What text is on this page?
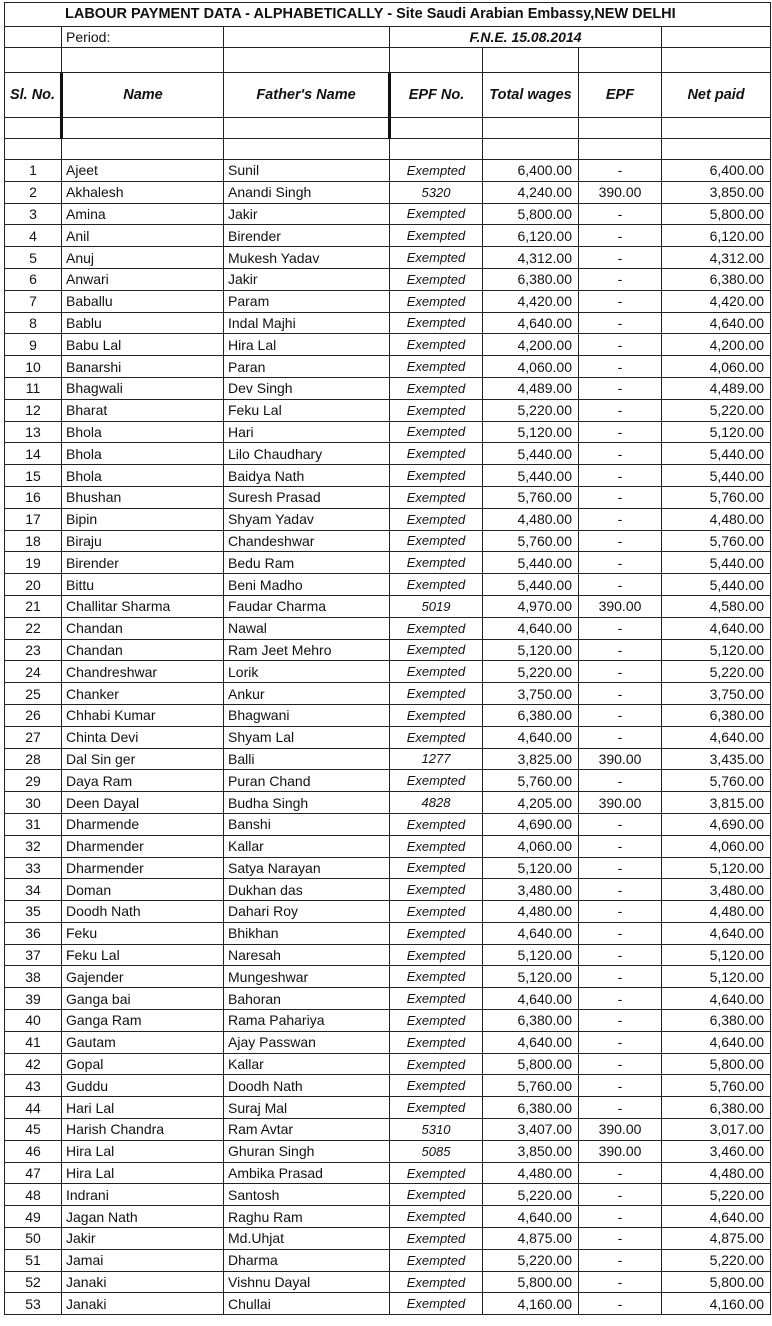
LABOUR PAYMENT DATA - ALPHABETICALLY - Site Saudi Arabian Embassy,NEW DELHI						
	Period:		F.N.E. 15.08.2014			

Sl. No.	Name	Father's Name	EPF No.	Total wages	EPF	Net paid

1	Ajeet	Sunil	Exempted	6,400.00	-	6,400.00
2	Akhalesh	Anandi Singh	5320	4,240.00	390.00	3,850.00
3	Amina	Jakir	Exempted	5,800.00	-	5,800.00
4	Anil	Birender	Exempted	6,120.00	-	6,120.00
5	Anuj	Mukesh Yadav	Exempted	4,312.00	-	4,312.00
6	Anwari	Jakir	Exempted	6,380.00	-	6,380.00
7	Baballu	Param	Exempted	4,420.00	-	4,420.00
8	Bablu	Indal Majhi	Exempted	4,640.00	-	4,640.00
9	Babu Lal	Hira Lal	Exempted	4,200.00	-	4,200.00
10	Banarshi	Paran	Exempted	4,060.00	-	4,060.00
11	Bhagwali	Dev Singh	Exempted	4,489.00	-	4,489.00
12	Bharat	Feku Lal	Exempted	5,220.00	-	5,220.00
13	Bhola	Hari	Exempted	5,120.00	-	5,120.00
14	Bhola	Lilo Chaudhary	Exempted	5,440.00	-	5,440.00
15	Bhola	Baidya Nath	Exempted	5,440.00	-	5,440.00
16	Bhushan	Suresh Prasad	Exempted	5,760.00	-	5,760.00
17	Bipin	Shyam Yadav	Exempted	4,480.00	-	4,480.00
18	Biraju	Chandeshwar	Exempted	5,760.00	-	5,760.00
19	Birender	Bedu Ram	Exempted	5,440.00	-	5,440.00
20	Bittu	Beni Madho	Exempted	5,440.00	-	5,440.00
21	Challitar Sharma	Faudar Charma	5019	4,970.00	390.00	4,580.00
22	Chandan	Nawal	Exempted	4,640.00	-	4,640.00
23	Chandan	Ram Jeet Mehro	Exempted	5,120.00	-	5,120.00
24	Chandreshwar	Lorik	Exempted	5,220.00	-	5,220.00
25	Chanker	Ankur	Exempted	3,750.00	-	3,750.00
26	Chhabi Kumar	Bhagwani	Exempted	6,380.00	-	6,380.00
27	Chinta Devi	Shyam Lal	Exempted	4,640.00	-	4,640.00
28	Dal Sin ger	Balli	1277	3,825.00	390.00	3,435.00
29	Daya Ram	Puran Chand	Exempted	5,760.00	-	5,760.00
30	Deen Dayal	Budha Singh	4828	4,205.00	390.00	3,815.00
31	Dharmende	Banshi	Exempted	4,690.00	-	4,690.00
32	Dharmender	Kallar	Exempted	4,060.00	-	4,060.00
33	Dharmender	Satya Narayan	Exempted	5,120.00	-	5,120.00
34	Doman	Dukhan das	Exempted	3,480.00	-	3,480.00
35	Doodh Nath	Dahari Roy	Exempted	4,480.00	-	4,480.00
36	Feku	Bhikhan	Exempted	4,640.00	-	4,640.00
37	Feku Lal	Naresah	Exempted	5,120.00	-	5,120.00
38	Gajender	Mungeshwar	Exempted	5,120.00	-	5,120.00
39	Ganga bai	Bahoran	Exempted	4,640.00	-	4,640.00
40	Ganga Ram	Rama Pahariya	Exempted	6,380.00	-	6,380.00
41	Gautam	Ajay Passwan	Exempted	4,640.00	-	4,640.00
42	Gopal	Kallar	Exempted	5,800.00	-	5,800.00
43	Guddu	Doodh Nath	Exempted	5,760.00	-	5,760.00
44	Hari Lal	Suraj Mal	Exempted	6,380.00	-	6,380.00
45	Harish Chandra	Ram Avtar	5310	3,407.00	390.00	3,017.00
46	Hira Lal	Ghuran Singh	5085	3,850.00	390.00	3,460.00
47	Hira Lal	Ambika Prasad	Exempted	4,480.00	-	4,480.00
48	Indrani	Santosh	Exempted	5,220.00	-	5,220.00
49	Jagan Nath	Raghu Ram	Exempted	4,640.00	-	4,640.00
50	Jakir	Md.Uhjat	Exempted	4,875.00	-	4,875.00
51	Jamai	Dharma	Exempted	5,220.00	-	5,220.00
52	Janaki	Vishnu Dayal	Exempted	5,800.00	-	5,800.00
53	Janaki	Chullai	Exempted	4,160.00	-	4,160.00
